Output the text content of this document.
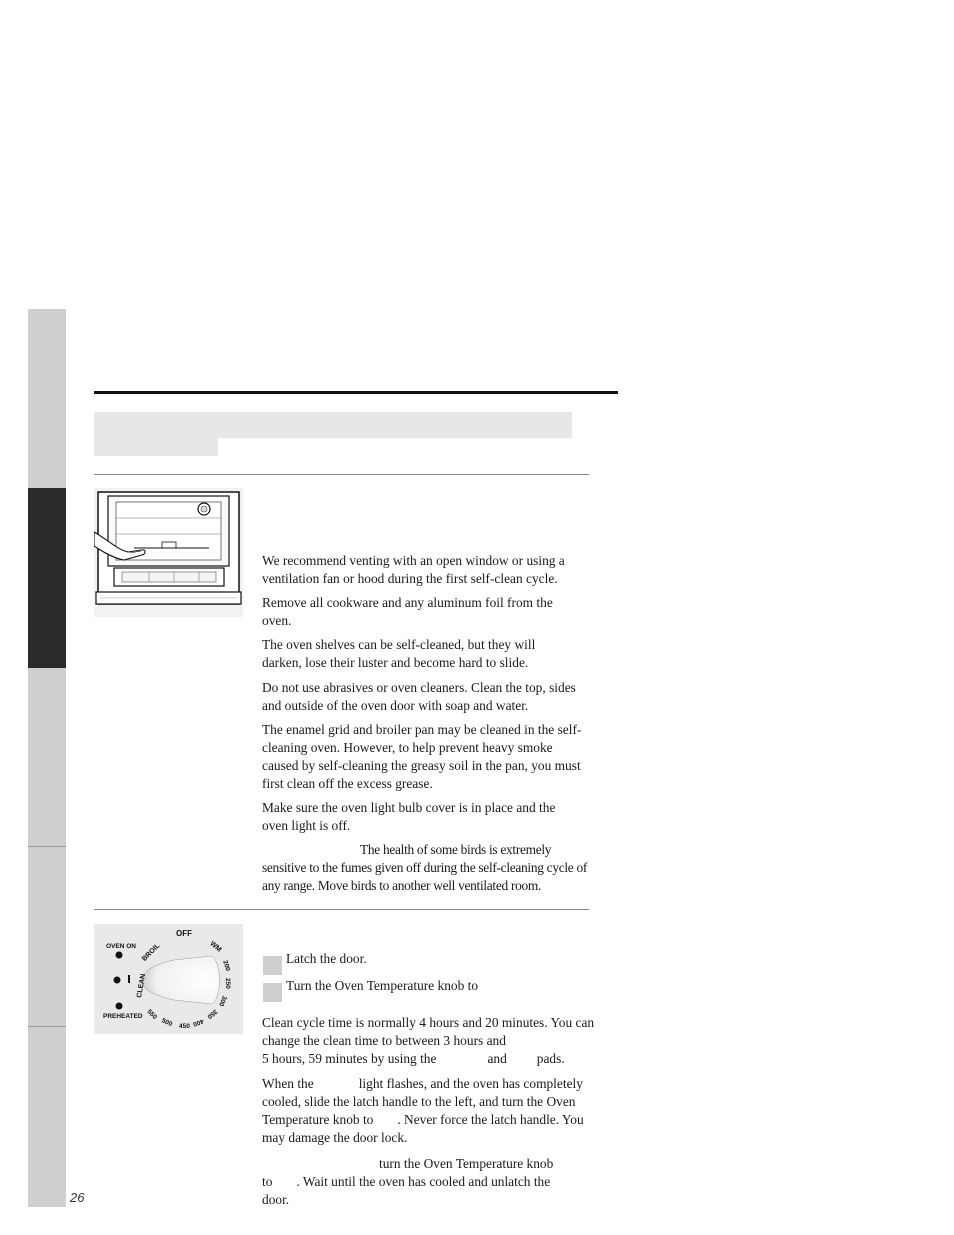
We recommend venting with an open window or using a ventilation fan or hood during the first self-clean cycle.

Remove all cookware and any aluminum foil from the oven.

The oven shelves can be self-cleaned, but they will darken, lose their luster and become hard to slide.

Do not use abrasives or oven cleaners. Clean the top, sides and outside of the oven door with soap and water.

The enamel grid and broiler pan may be cleaned in the self-cleaning oven. However, to help prevent heavy smoke caused by self-cleaning the greasy soil in the pan, you must first clean off the excess grease.

Make sure the oven light bulb cover is in place and the oven light is off.

The health of some birds is extremely sensitive to the fumes given off during the self-cleaning cycle of any range. Move birds to another well ventilated room.

OVEN ON
PREHEATED
OFF
WM
200
250
300
350
400
450
500
550
CLEAN
BROIL	Latch the door.
Turn the Oven Temperature knob to

Clean cycle time is normally 4 hours and 20 minutes. You can change the clean time to between 3 hours and
5 hours, 59 minutes by using the	and pads.

When the	light flashes, and the oven has completely cooled, slide the latch handle to the left, and turn the Oven Temperature knob to . Never force the latch handle. You may damage the door lock.

turn the Oven Temperature knob to . Wait until the oven has cooled and unlatch the door.

26
